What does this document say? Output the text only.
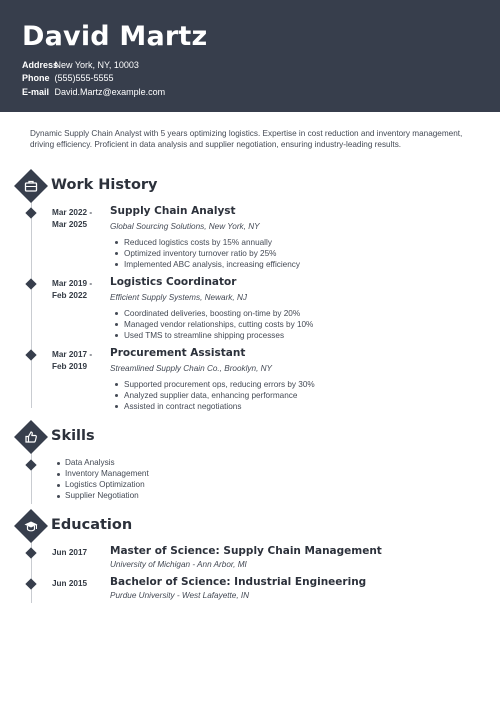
David Martz
Address New York, NY, 10003
Phone (555)555-5555
E-mail David.Martz@example.com
Dynamic Supply Chain Analyst with 5 years optimizing logistics. Expertise in cost reduction and inventory management, driving efficiency. Proficient in data analysis and supplier negotiation, ensuring industry-leading results.
Work History
Mar 2022 -
Mar 2025
Supply Chain Analyst
Global Sourcing Solutions, New York, NY
Reduced logistics costs by 15% annually
Optimized inventory turnover ratio by 25%
Implemented ABC analysis, increasing efficiency
Mar 2019 -
Feb 2022
Logistics Coordinator
Efficient Supply Systems, Newark, NJ
Coordinated deliveries, boosting on-time by 20%
Managed vendor relationships, cutting costs by 10%
Used TMS to streamline shipping processes
Mar 2017 -
Feb 2019
Procurement Assistant
Streamlined Supply Chain Co., Brooklyn, NY
Supported procurement ops, reducing errors by 30%
Analyzed supplier data, enhancing performance
Assisted in contract negotiations
Skills
Data Analysis
Inventory Management
Logistics Optimization
Supplier Negotiation
Education
Jun 2017	Master of Science: Supply Chain Management
University of Michigan - Ann Arbor, MI
Jun 2015	Bachelor of Science: Industrial Engineering
Purdue University - West Lafayette, IN
